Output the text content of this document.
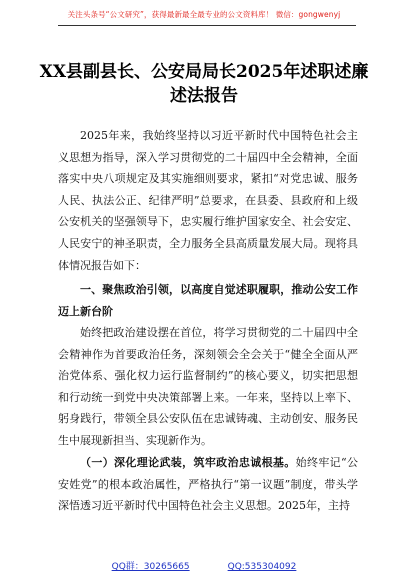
关注头条号“公文研究”，获得最新最全最专业的公文资料库！ 微信：gongwenyj
XX县副县长、公安局局长2025年述职述廉述法报告

2025年来，我始终坚持以习近平新时代中国特色社会主义思想为指导，深入学习贯彻党的二十届四中全会精神，全面落实中央八项规定及其实施细则要求，紧扣“对党忠诚、服务人民、执法公正、纪律严明”总要求，在县委、县政府和上级公安机关的坚强领导下，忠实履行维护国家安全、社会安定、人民安宁的神圣职责，全力服务全县高质量发展大局。现将具体情况报告如下：

一、聚焦政治引领，以高度自觉述职履职，推动公安工作迈上新台阶

始终把政治建设摆在首位，将学习贯彻党的二十届四中全会精神作为首要政治任务，深刻领会全会关于“健全全面从严治党体系、强化权力运行监督制约”的核心要义，切实把思想和行动统一到党中央决策部署上来。一年来，坚持以上率下、躬身践行，带领全县公安队伍在忠诚铸魂、主动创安、服务民生中展现新担当、实现新作为。

（一）深化理论武装，筑牢政治忠诚根基。始终牢记“公安姓党”的根本政治属性，严格执行“第一议题”制度，带头学深悟透习近平新时代中国特色社会主义思想。2025年，主持

QQ群：30265665	QQ:535304092
